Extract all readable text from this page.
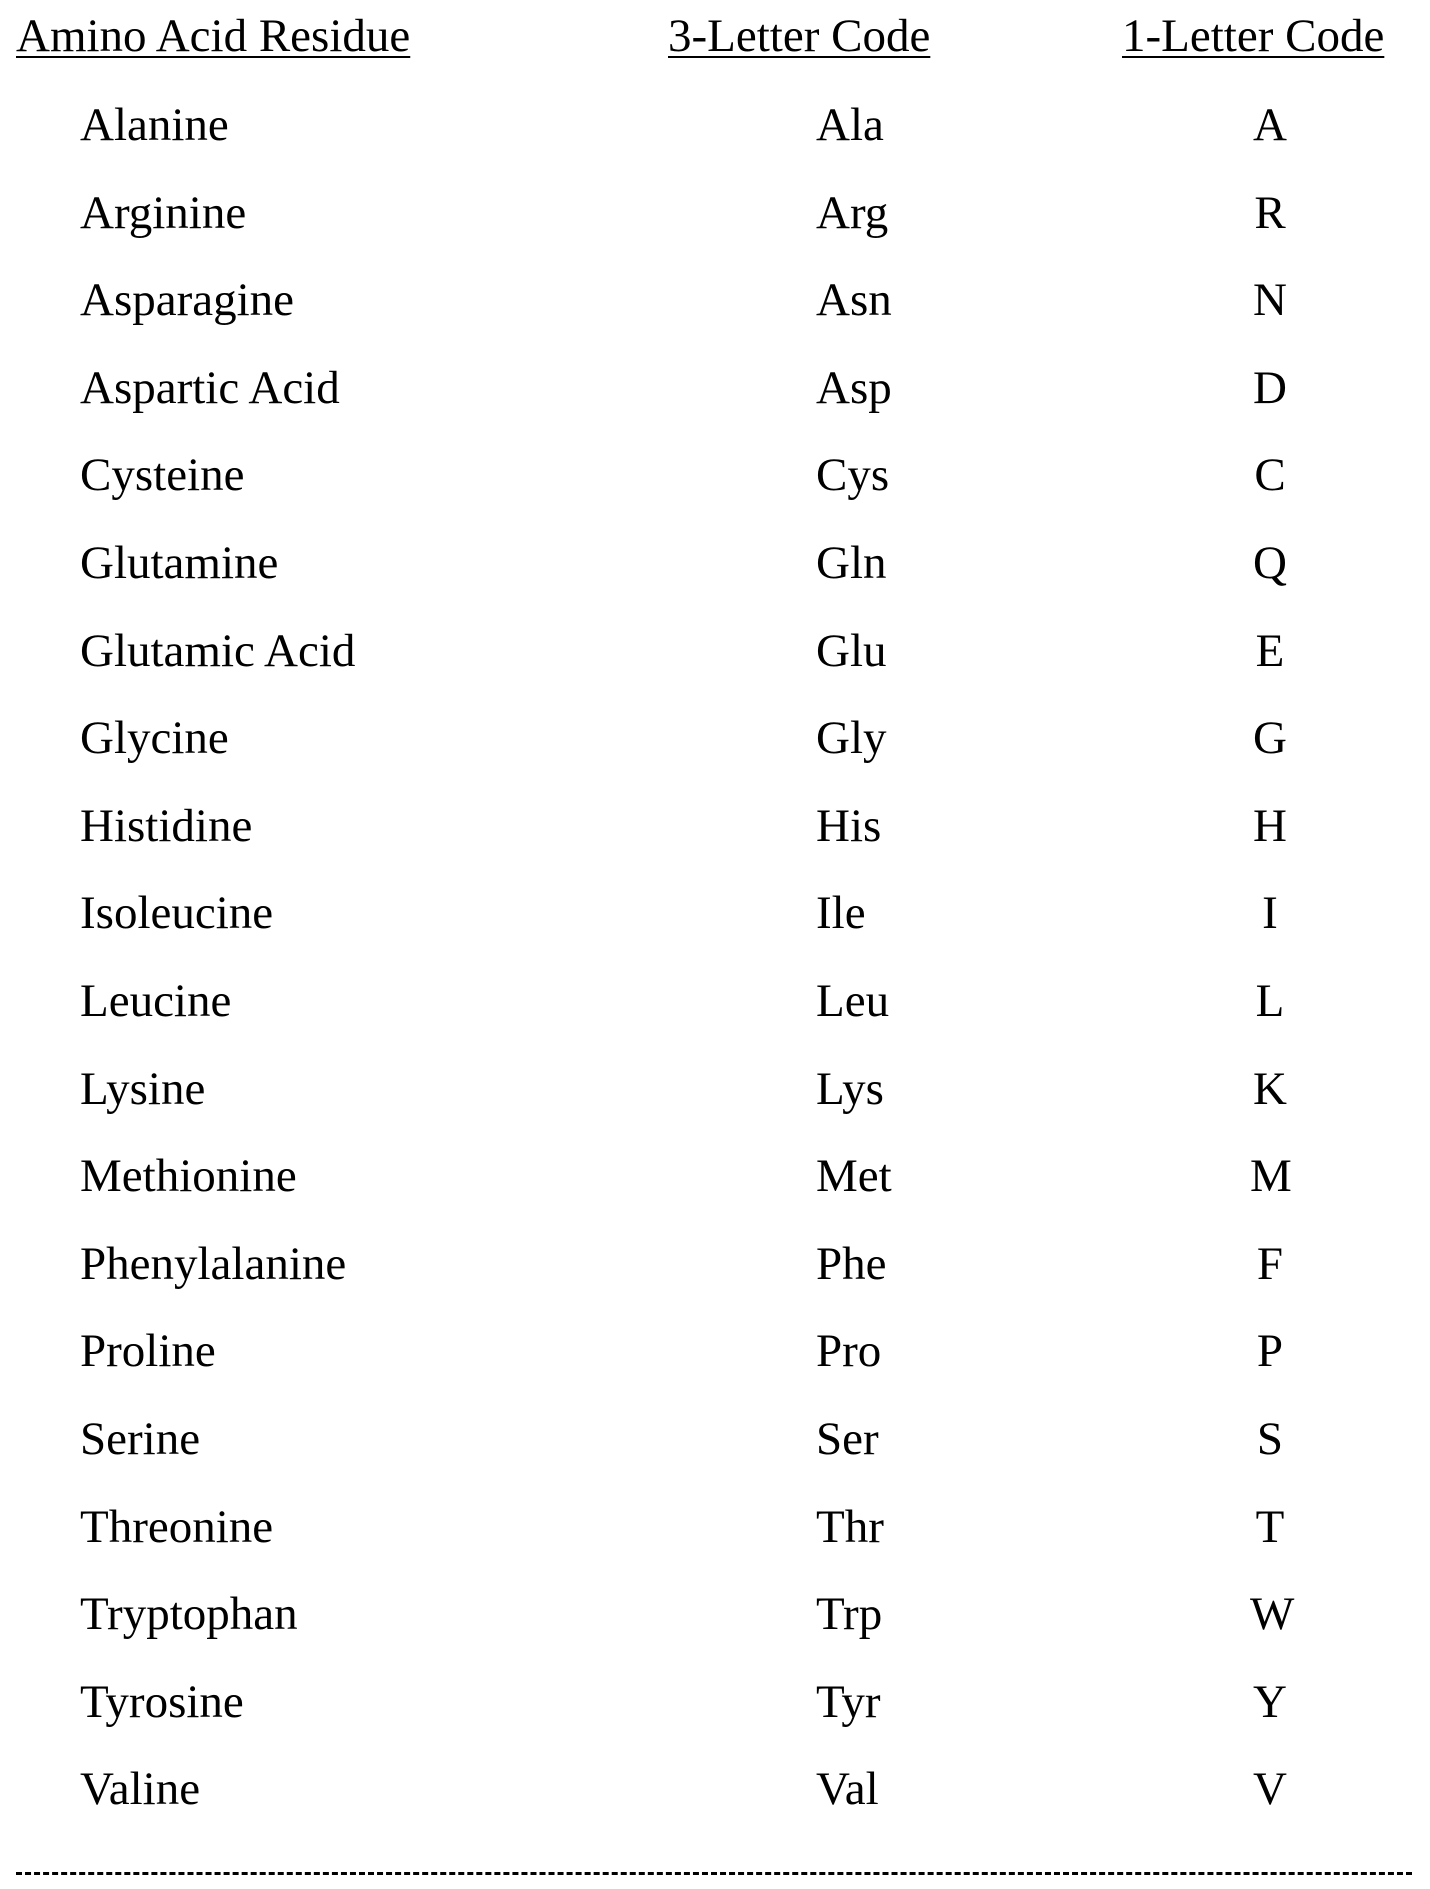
Amino Acid Residue	3-Letter Code	1-Letter Code
Alanine	Ala	A
Arginine	Arg	R
Asparagine	Asn	N
Aspartic Acid	Asp	D
Cysteine	Cys	C
Glutamine	Gln	Q
Glutamic Acid	Glu	E
Glycine	Gly	G
Histidine	His	H
Isoleucine	Ile	I
Leucine	Leu	L
Lysine	Lys	K
Methionine	Met	M
Phenylalanine	Phe	F
Proline	Pro	P
Serine	Ser	S
Threonine	Thr	T
Tryptophan	Trp	W
Tyrosine	Tyr	Y
Valine	Val	V
